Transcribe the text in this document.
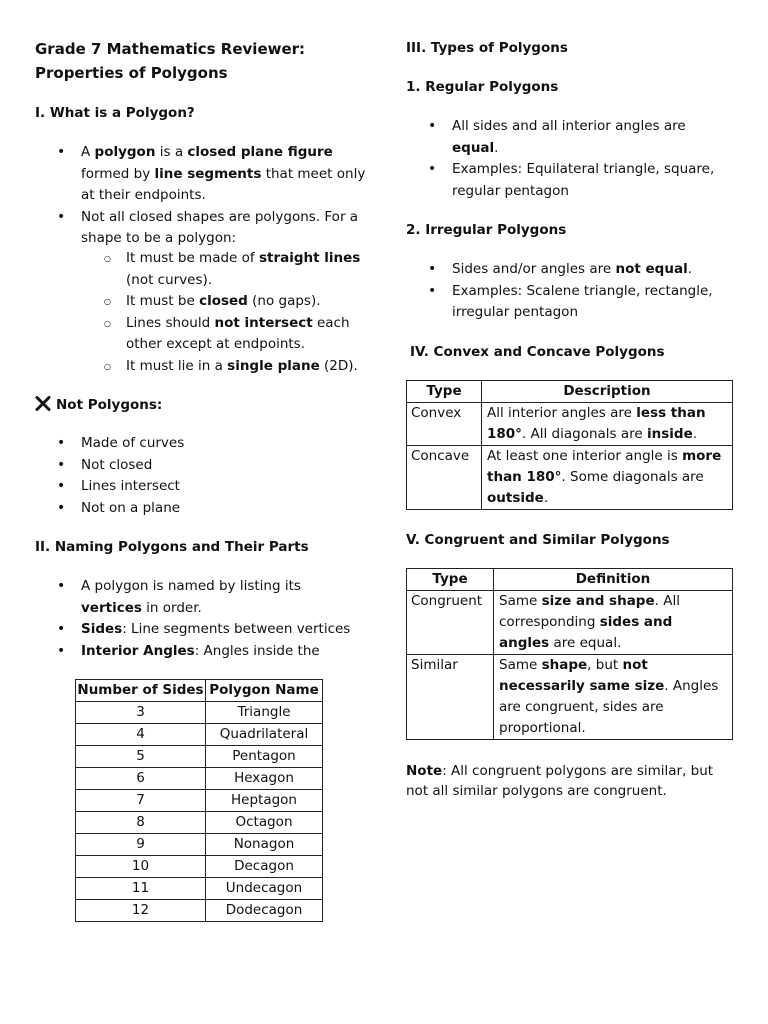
Grade 7 Mathematics Reviewer:
Properties of Polygons
I. What is a Polygon?
• A polygon is a closed plane figure
formed by line segments that meet only at their endpoints.
• Not all closed shapes are polygons. For a shape to be a polygon:
○ It must be made of straight lines
(not curves).
○ It must be closed (no gaps).
○ Lines should not intersect each other except at endpoints.
○ It must lie in a single plane (2D).
Not Polygons:
• Made of curves
• Not closed
• Lines intersect
• Not on a plane
II. Naming Polygons and Their Parts
• A polygon is named by listing its
vertices in order.
• Sides: Line segments between vertices
• Interior Angles: Angles inside the
Number of Sides	Polygon Name
3	Triangle
4	Quadrilateral
5	Pentagon
6	Hexagon
7	Heptagon
8	Octagon
9	Nonagon
10	Decagon
11	Undecagon
12	Dodecagon
III. Types of Polygons
1. Regular Polygons
• All sides and all interior angles are
equal.
• Examples: Equilateral triangle, square, regular pentagon
2. Irregular Polygons
• Sides and/or angles are not equal.
• Examples: Scalene triangle, rectangle, irregular pentagon
IV. Convex and Concave Polygons
Type	Description
Convex	All interior angles are less than 180°. All diagonals are inside.
Concave	At least one interior angle is more than 180°. Some diagonals are outside.
V. Congruent and Similar Polygons
Type	Definition
Congruent	Same size and shape. All corresponding sides and angles are equal.
Similar	Same shape, but not necessarily same size. Angles are congruent, sides are proportional.

Note: All congruent polygons are similar, but not all similar polygons are congruent.
